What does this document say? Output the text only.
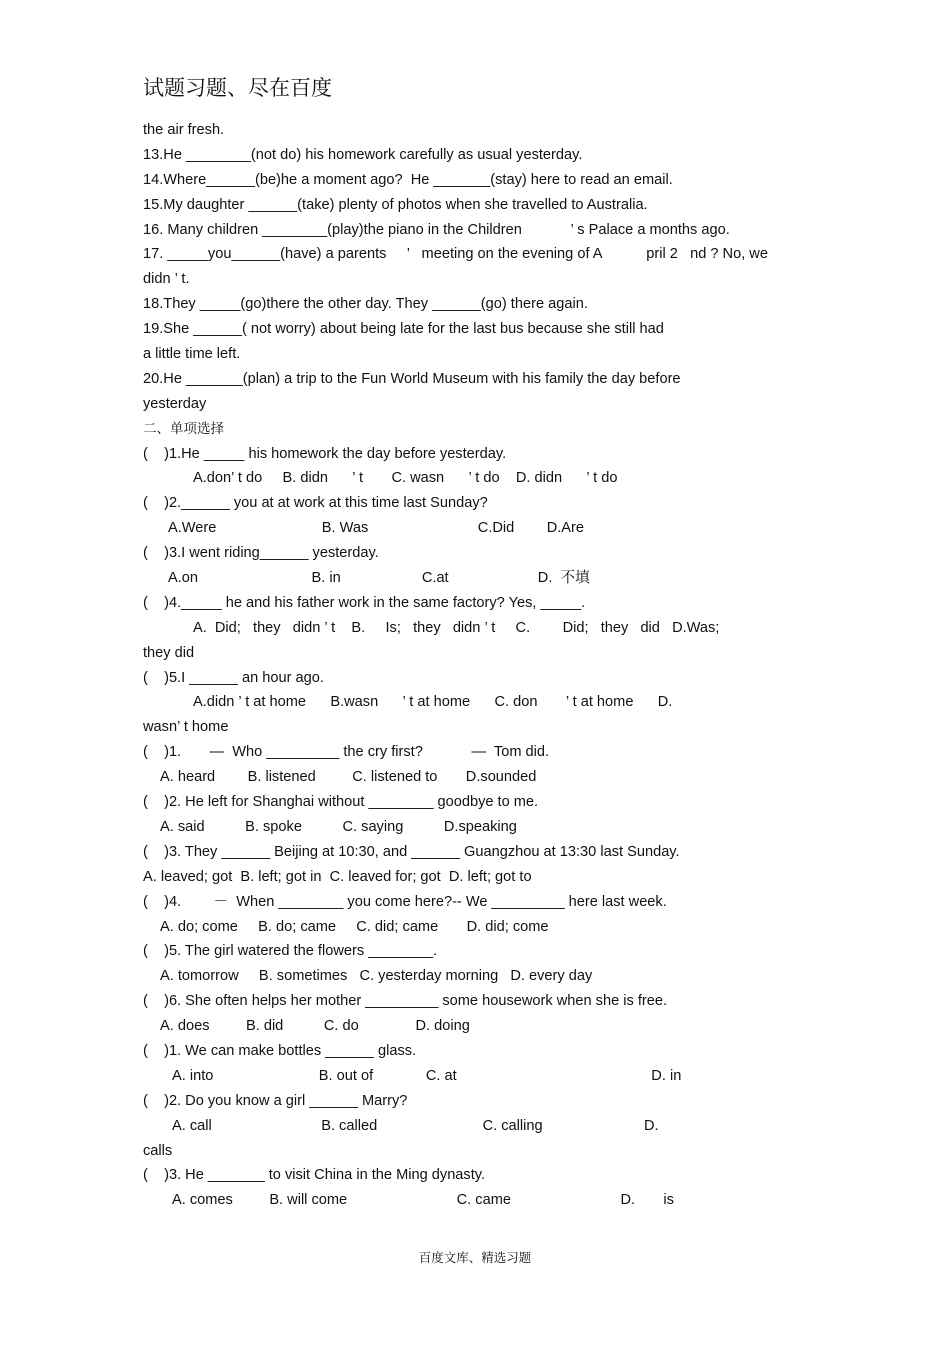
试题习题、尽在百度
the air fresh.
13.He ________(not do) his homework carefully as usual yesterday.
14.Where______(be)he a moment ago?  He _______(stay) here to read an email.
15.My daughter ______(take) plenty of photos when she travelled to Australia.
16. Many children ________(play)the piano in the Children            ’ s Palace a months ago.
17. _____you______(have) a parents     ’   meeting on the evening of A           pril 2   nd ? No, we
didn ’ t.
18.They _____(go)there the other day. They ______(go) there again.
19.She ______( not worry) about being late for the last bus because she still had
a little time left.
20.He _______(plan) a trip to the Fun World Museum with his family the day before
yesterday
二、单项选择
(    )1.He _____ his homework the day before yesterday.
A.don’ t do     B. didn      ’ t       C. wasn      ’ t do    D. didn      ’ t do
(    )2.______ you at at work at this time last Sunday?
A.Were                          B. Was                           C.Did        D.Are
(    )3.I went riding______ yesterday.
A.on                            B. in                    C.at                      D.  不填
(    )4._____ he and his father work in the same factory? Yes, _____.
A.  Did;   they   didn ’ t    B.     Is;   they   didn ’ t     C.        Did;   they   did   D.Was;
they did
(    )5.I ______ an hour ago.
A.didn ’ t at home      B.wasn      ’ t at home      C. don       ’ t at home      D.
wasn’ t home
(    )1.       —  Who _________ the cry first?            —  Tom did.
A. heard        B. listened         C. listened to       D.sounded
(    )2. He left for Shanghai without ________ goodbye to me.
A. said          B. spoke          C. saying          D.speaking
(    )3. They ______ Beijing at 10:30, and ______ Guangzhou at 13:30 last Sunday.
A. leaved; got  B. left; got in  C. leaved for; got  D. left; got to
(    )4.        －  When ________ you come here?-- We _________ here last week.
A. do; come     B. do; came     C. did; came       D. did; come
(    )5. The girl watered the flowers ________.
A. tomorrow     B. sometimes   C. yesterday morning   D. every day
(    )6. She often helps her mother _________ some housework when she is free.
A. does         B. did          C. do              D. doing
(    )1. We can make bottles ______ glass.
A. into                          B. out of             C. at                                                D. in
(    )2. Do you know a girl ______ Marry?
A. call                           B. called                          C. calling                         D.
calls
(    )3. He _______ to visit China in the Ming dynasty.
A. comes         B. will come                           C. came                           D.       is
百度文库、精选习题
